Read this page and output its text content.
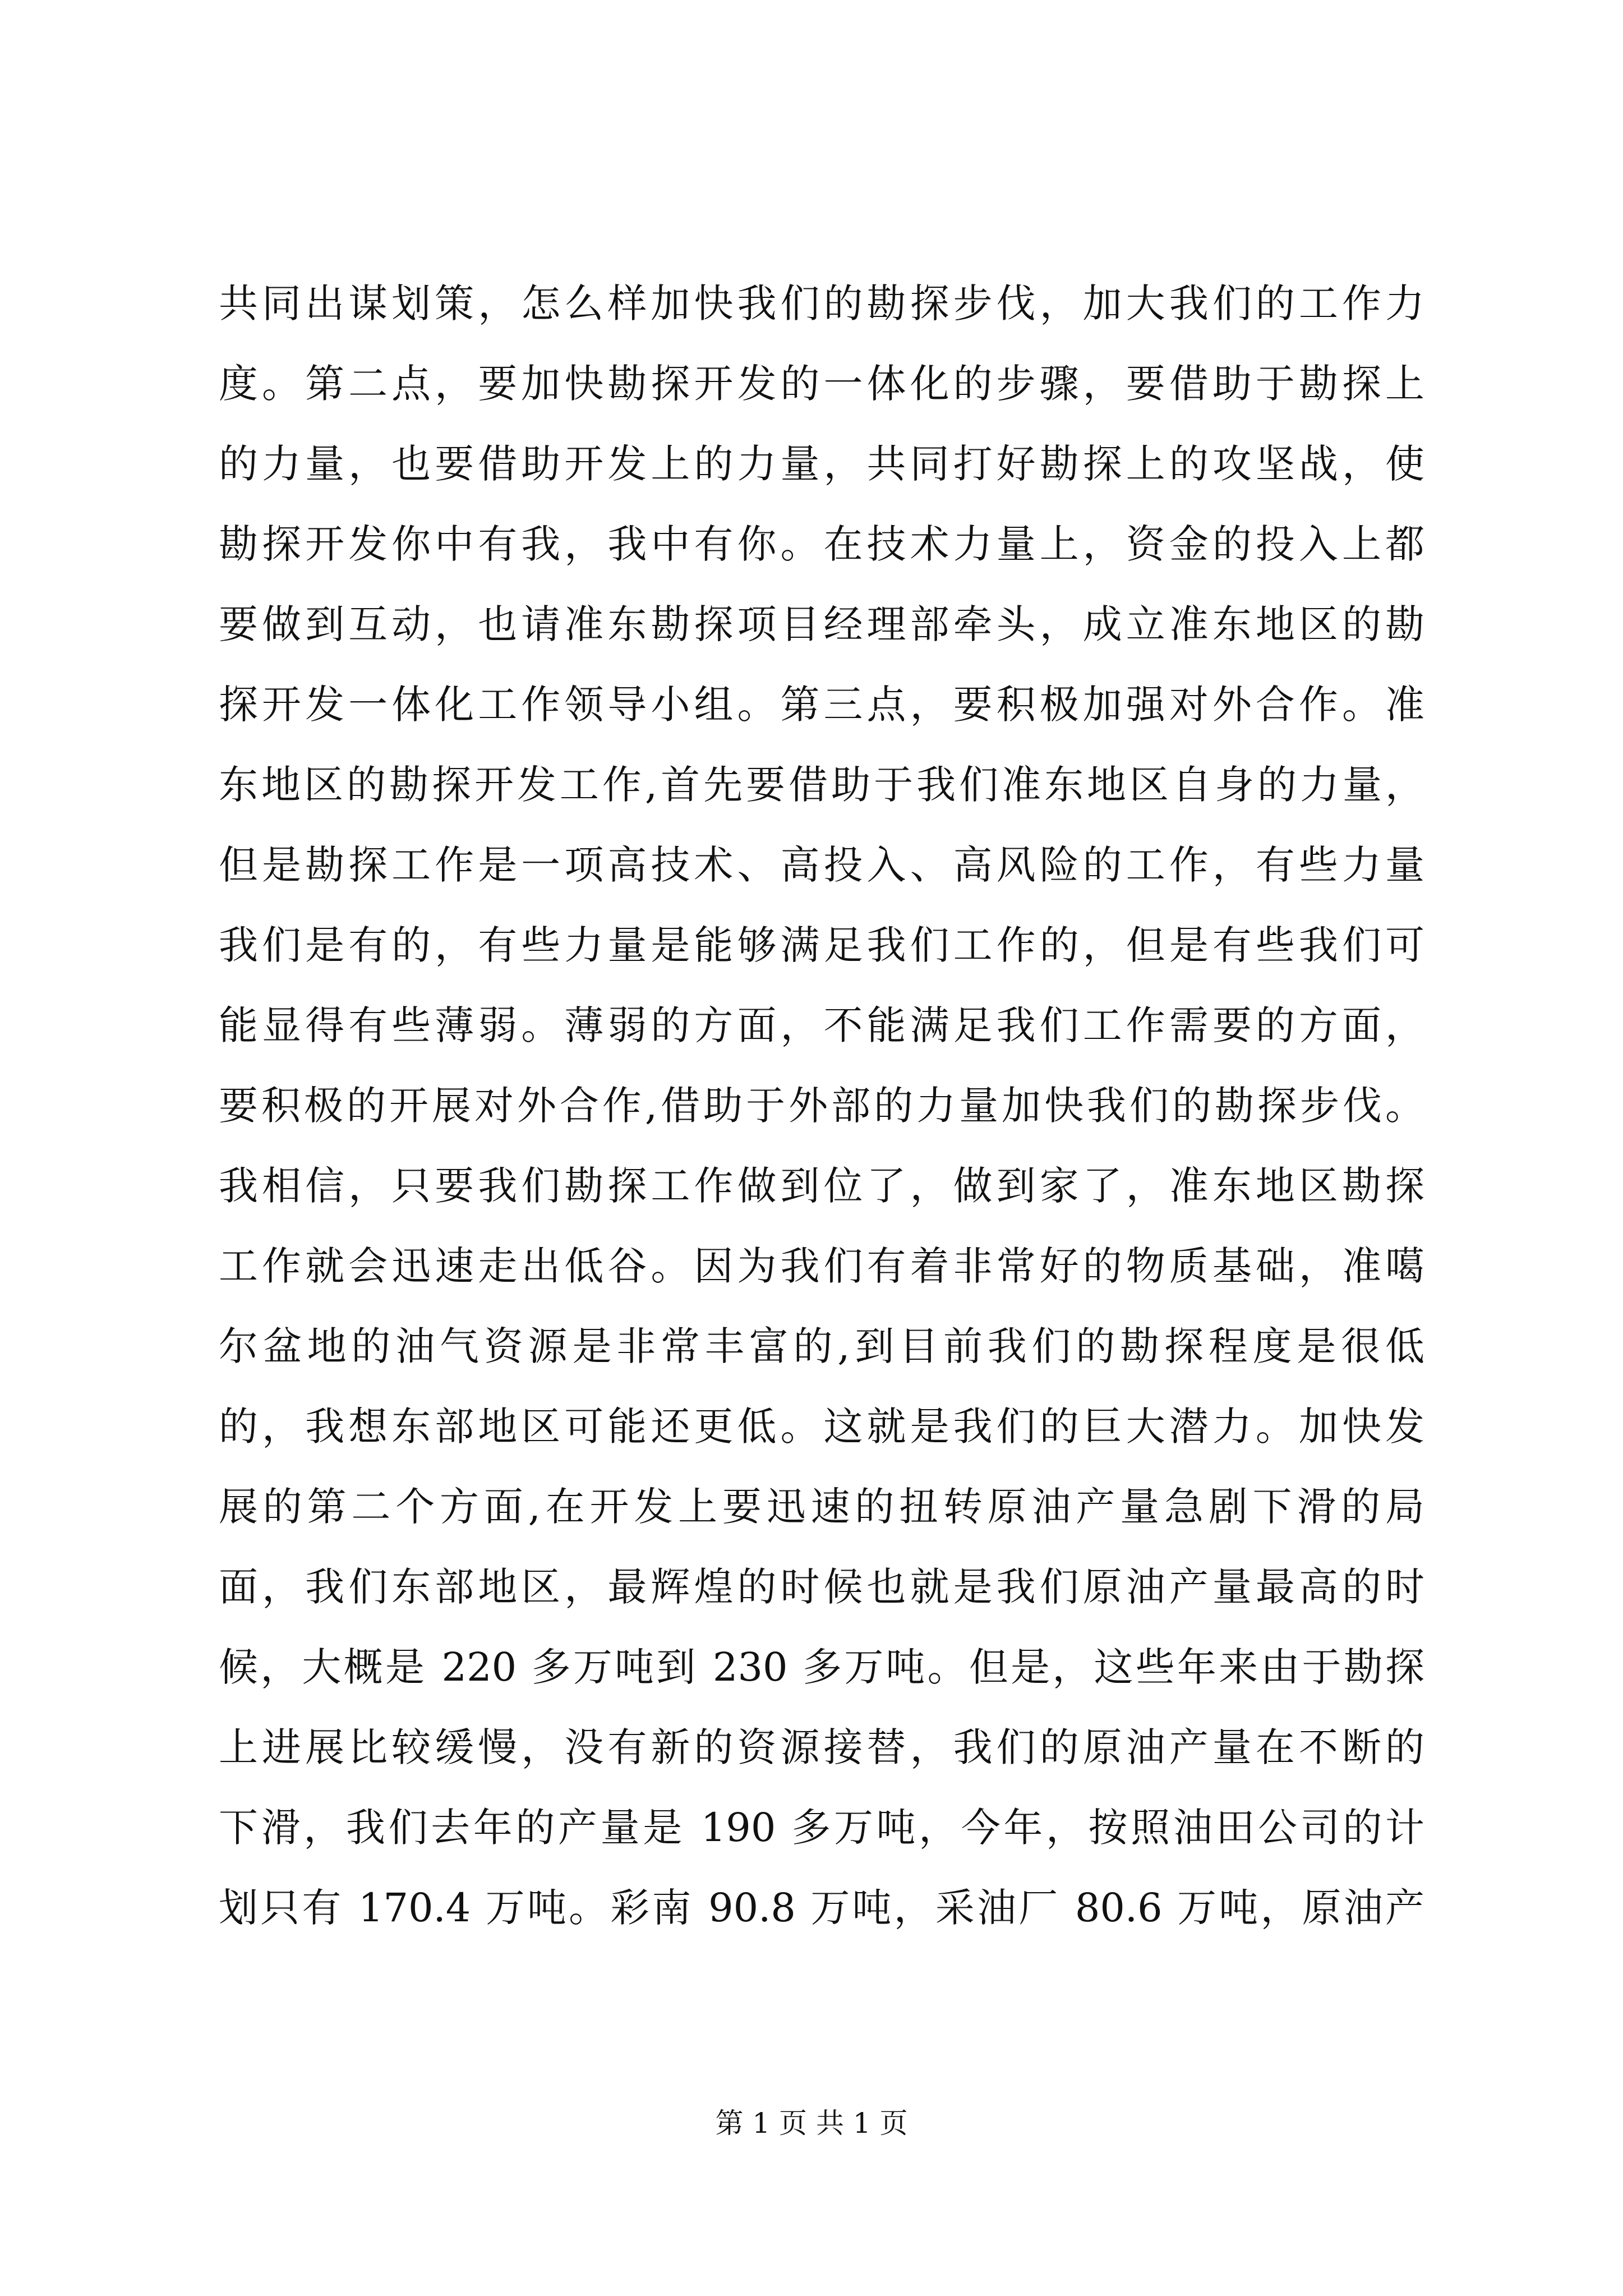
共同出谋划策，怎么样加快我们的勘探步伐，加大我们的工作力
度。第二点，要加快勘探开发的一体化的步骤，要借助于勘探上
的力量，也要借助开发上的力量，共同打好勘探上的攻坚战，使
勘探开发你中有我，我中有你。在技术力量上，资金的投入上都
要做到互动，也请准东勘探项目经理部牵头，成立准东地区的勘
探开发一体化工作领导小组。第三点，要积极加强对外合作。准
东地区的勘探开发工作,首先要借助于我们准东地区自身的力量，
但是勘探工作是一项高技术、高投入、高风险的工作，有些力量
我们是有的，有些力量是能够满足我们工作的，但是有些我们可
能显得有些薄弱。薄弱的方面，不能满足我们工作需要的方面，
要积极的开展对外合作,借助于外部的力量加快我们的勘探步伐。
我相信，只要我们勘探工作做到位了，做到家了，准东地区勘探
工作就会迅速走出低谷。因为我们有着非常好的物质基础，准噶
尔盆地的油气资源是非常丰富的,到目前我们的勘探程度是很低
的，我想东部地区可能还更低。这就是我们的巨大潜力。加快发
展的第二个方面,在开发上要迅速的扭转原油产量急剧下滑的局
面，我们东部地区，最辉煌的时候也就是我们原油产量最高的时
候，大概是 220 多万吨到 230 多万吨。但是，这些年来由于勘探
上进展比较缓慢，没有新的资源接替，我们的原油产量在不断的
下滑，我们去年的产量是 190 多万吨，今年，按照油田公司的计
划只有 170.4 万吨。彩南 90.8 万吨，采油厂 80.6 万吨，原油产
第 1 页 共 1 页
